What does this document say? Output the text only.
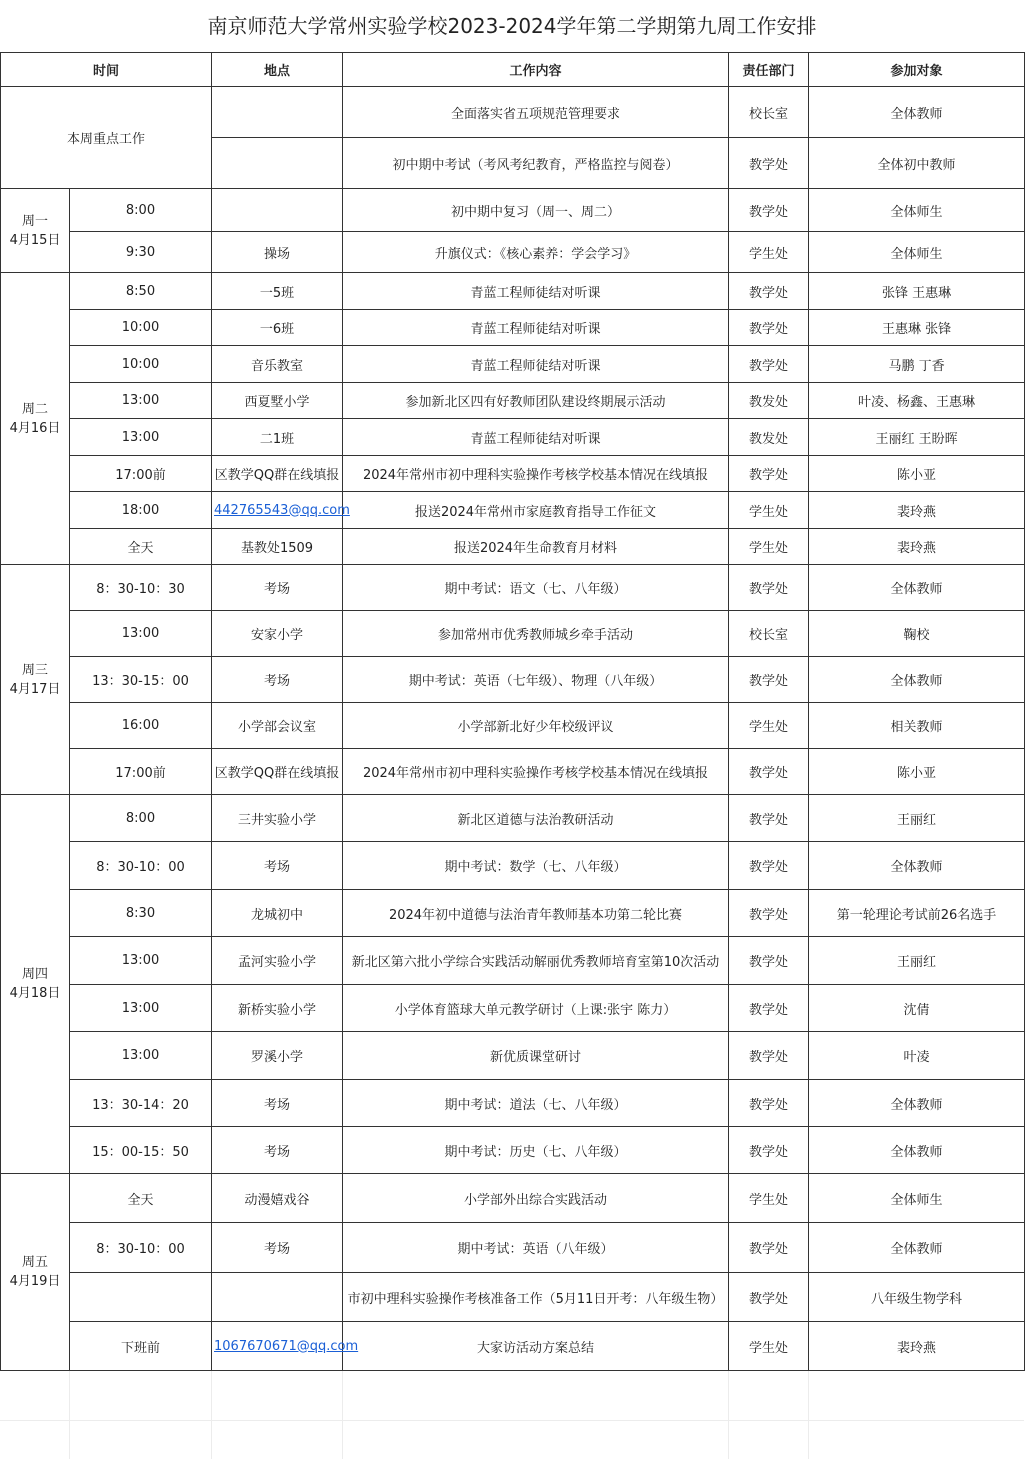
南京师范大学常州实验学校2023-2024学年第二学期第九周工作安排
时间		地点	工作内容	责任部门	参加对象
本周重点工作			全面落实省五项规范管理要求	校长室	全体教师
			初中期中考试（考风考纪教育，严格监控与阅卷）	教学处	全体初中教师

周一
4月15日	8:00		初中期中复习（周一、周二）	教学处	全体师生
	9:30	操场	升旗仪式：《核心素养：学会学习》	学生处	全体师生

周二
4月16日	8:50	一5班	青蓝工程师徒结对听课	教学处	张锋 王惠琳
	10:00	一6班	青蓝工程师徒结对听课	教学处	王惠琳 张锋
	10:00	音乐教室	青蓝工程师徒结对听课	教学处	马鹏 丁香
	13:00	西夏墅小学	参加新北区四有好教师团队建设终期展示活动	教发处	叶凌、杨鑫、王惠琳
	13:00	二1班	青蓝工程师徒结对听课	教发处	王丽红 王盼晖
	17:00前	区教学QQ群在线填报	2024年常州市初中理科实验操作考核学校基本情况在线填报	教学处	陈小亚
	18:00	442765543@qq.com	报送2024年常州市家庭教育指导工作征文	学生处	裴玲燕
	全天	基教处1509	报送2024年生命教育月材料	学生处	裴玲燕

周三
4月17日	8：30-10：30	考场	期中考试：语文（七、八年级）	教学处	全体教师
	13:00	安家小学	参加常州市优秀教师城乡牵手活动	校长室	鞠校
	13：30-15：00	考场	期中考试：英语（七年级）、物理（八年级）	教学处	全体教师
	16:00	小学部会议室	小学部新北好少年校级评议	学生处	相关教师
	17:00前	区教学QQ群在线填报	2024年常州市初中理科实验操作考核学校基本情况在线填报	教学处	陈小亚

周四
4月18日	8:00	三井实验小学	新北区道德与法治教研活动	教学处	王丽红
	8：30-10：00	考场	期中考试：数学（七、八年级）	教学处	全体教师
	8:30	龙城初中	2024年初中道德与法治青年教师基本功第二轮比赛	教学处	第一轮理论考试前26名选手
	13:00	孟河实验小学	新北区第六批小学综合实践活动解丽优秀教师培育室第10次活动	教学处	王丽红
	13:00	新桥实验小学	小学体育篮球大单元教学研讨（上课:张宇 陈力）	教学处	沈倩
	13:00	罗溪小学	新优质课堂研讨	教学处	叶凌
	13：30-14：20	考场	期中考试：道法（七、八年级）	教学处	全体教师
	15：00-15：50	考场	期中考试：历史（七、八年级）	教学处	全体教师

周五
4月19日	全天	动漫嬉戏谷	小学部外出综合实践活动	学生处	全体师生
	8：30-10：00	考场	期中考试：英语（八年级）	教学处	全体教师
			市初中理科实验操作考核准备工作（5月11日开考：八年级生物）	教学处	八年级生物学科
	下班前	1067670671@qq.com	大家访活动方案总结	学生处	裴玲燕
